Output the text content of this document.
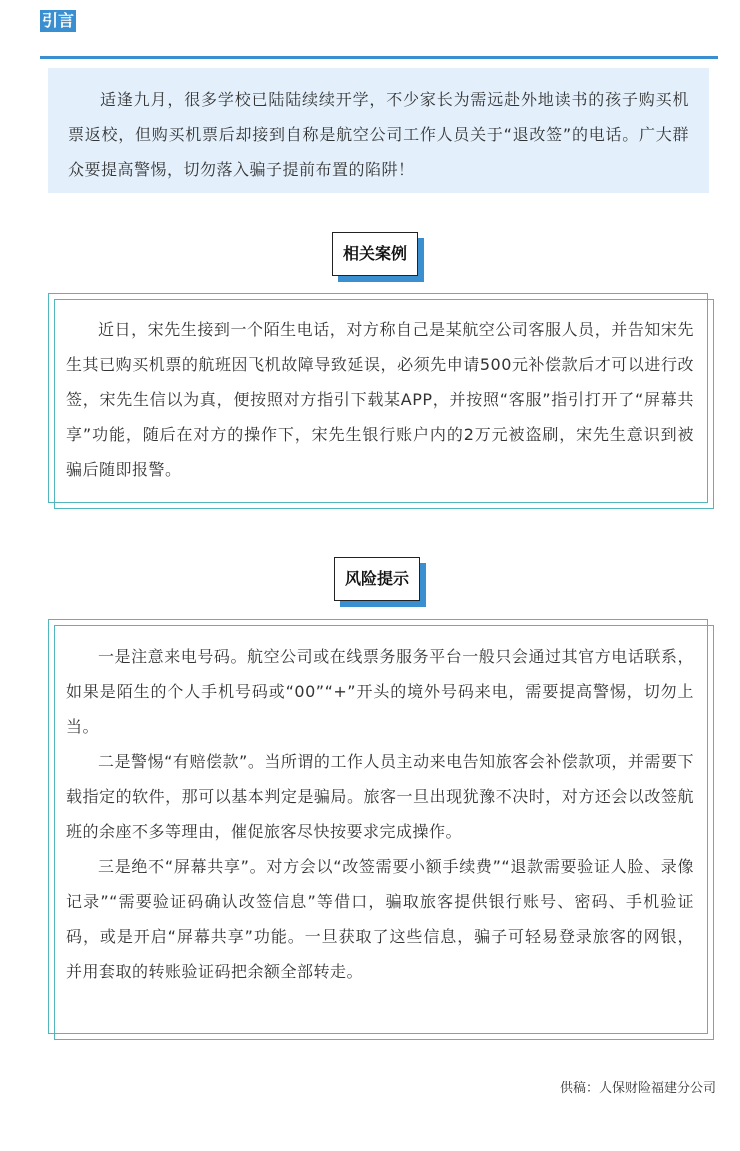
引言

适逢九月，很多学校已陆陆续续开学，不少家长为需远赴外地读书的孩子购买机票返校，但购买机票后却接到自称是航空公司工作人员关于“退改签”的电话。广大群众要提高警惕，切勿落入骗子提前布置的陷阱！

相关案例

近日，宋先生接到一个陌生电话，对方称自己是某航空公司客服人员，并告知宋先生其已购买机票的航班因飞机故障导致延误，必须先申请500元补偿款后才可以进行改签，宋先生信以为真，便按照对方指引下载某APP，并按照“客服”指引打开了“屏幕共享”功能，随后在对方的操作下，宋先生银行账户内的2万元被盗刷，宋先生意识到被骗后随即报警。

风险提示

一是注意来电号码。航空公司或在线票务服务平台一般只会通过其官方电话联系，如果是陌生的个人手机号码或“00”“+”开头的境外号码来电，需要提高警惕，切勿上当。

二是警惕“有赔偿款”。当所谓的工作人员主动来电告知旅客会补偿款项，并需要下载指定的软件，那可以基本判定是骗局。旅客一旦出现犹豫不决时，对方还会以改签航班的余座不多等理由，催促旅客尽快按要求完成操作。

三是绝不“屏幕共享”。对方会以“改签需要小额手续费”“退款需要验证人脸、录像记录”“需要验证码确认改签信息”等借口，骗取旅客提供银行账号、密码、手机验证码，或是开启“屏幕共享”功能。一旦获取了这些信息，骗子可轻易登录旅客的网银，并用套取的转账验证码把余额全部转走。

供稿：人保财险福建分公司
